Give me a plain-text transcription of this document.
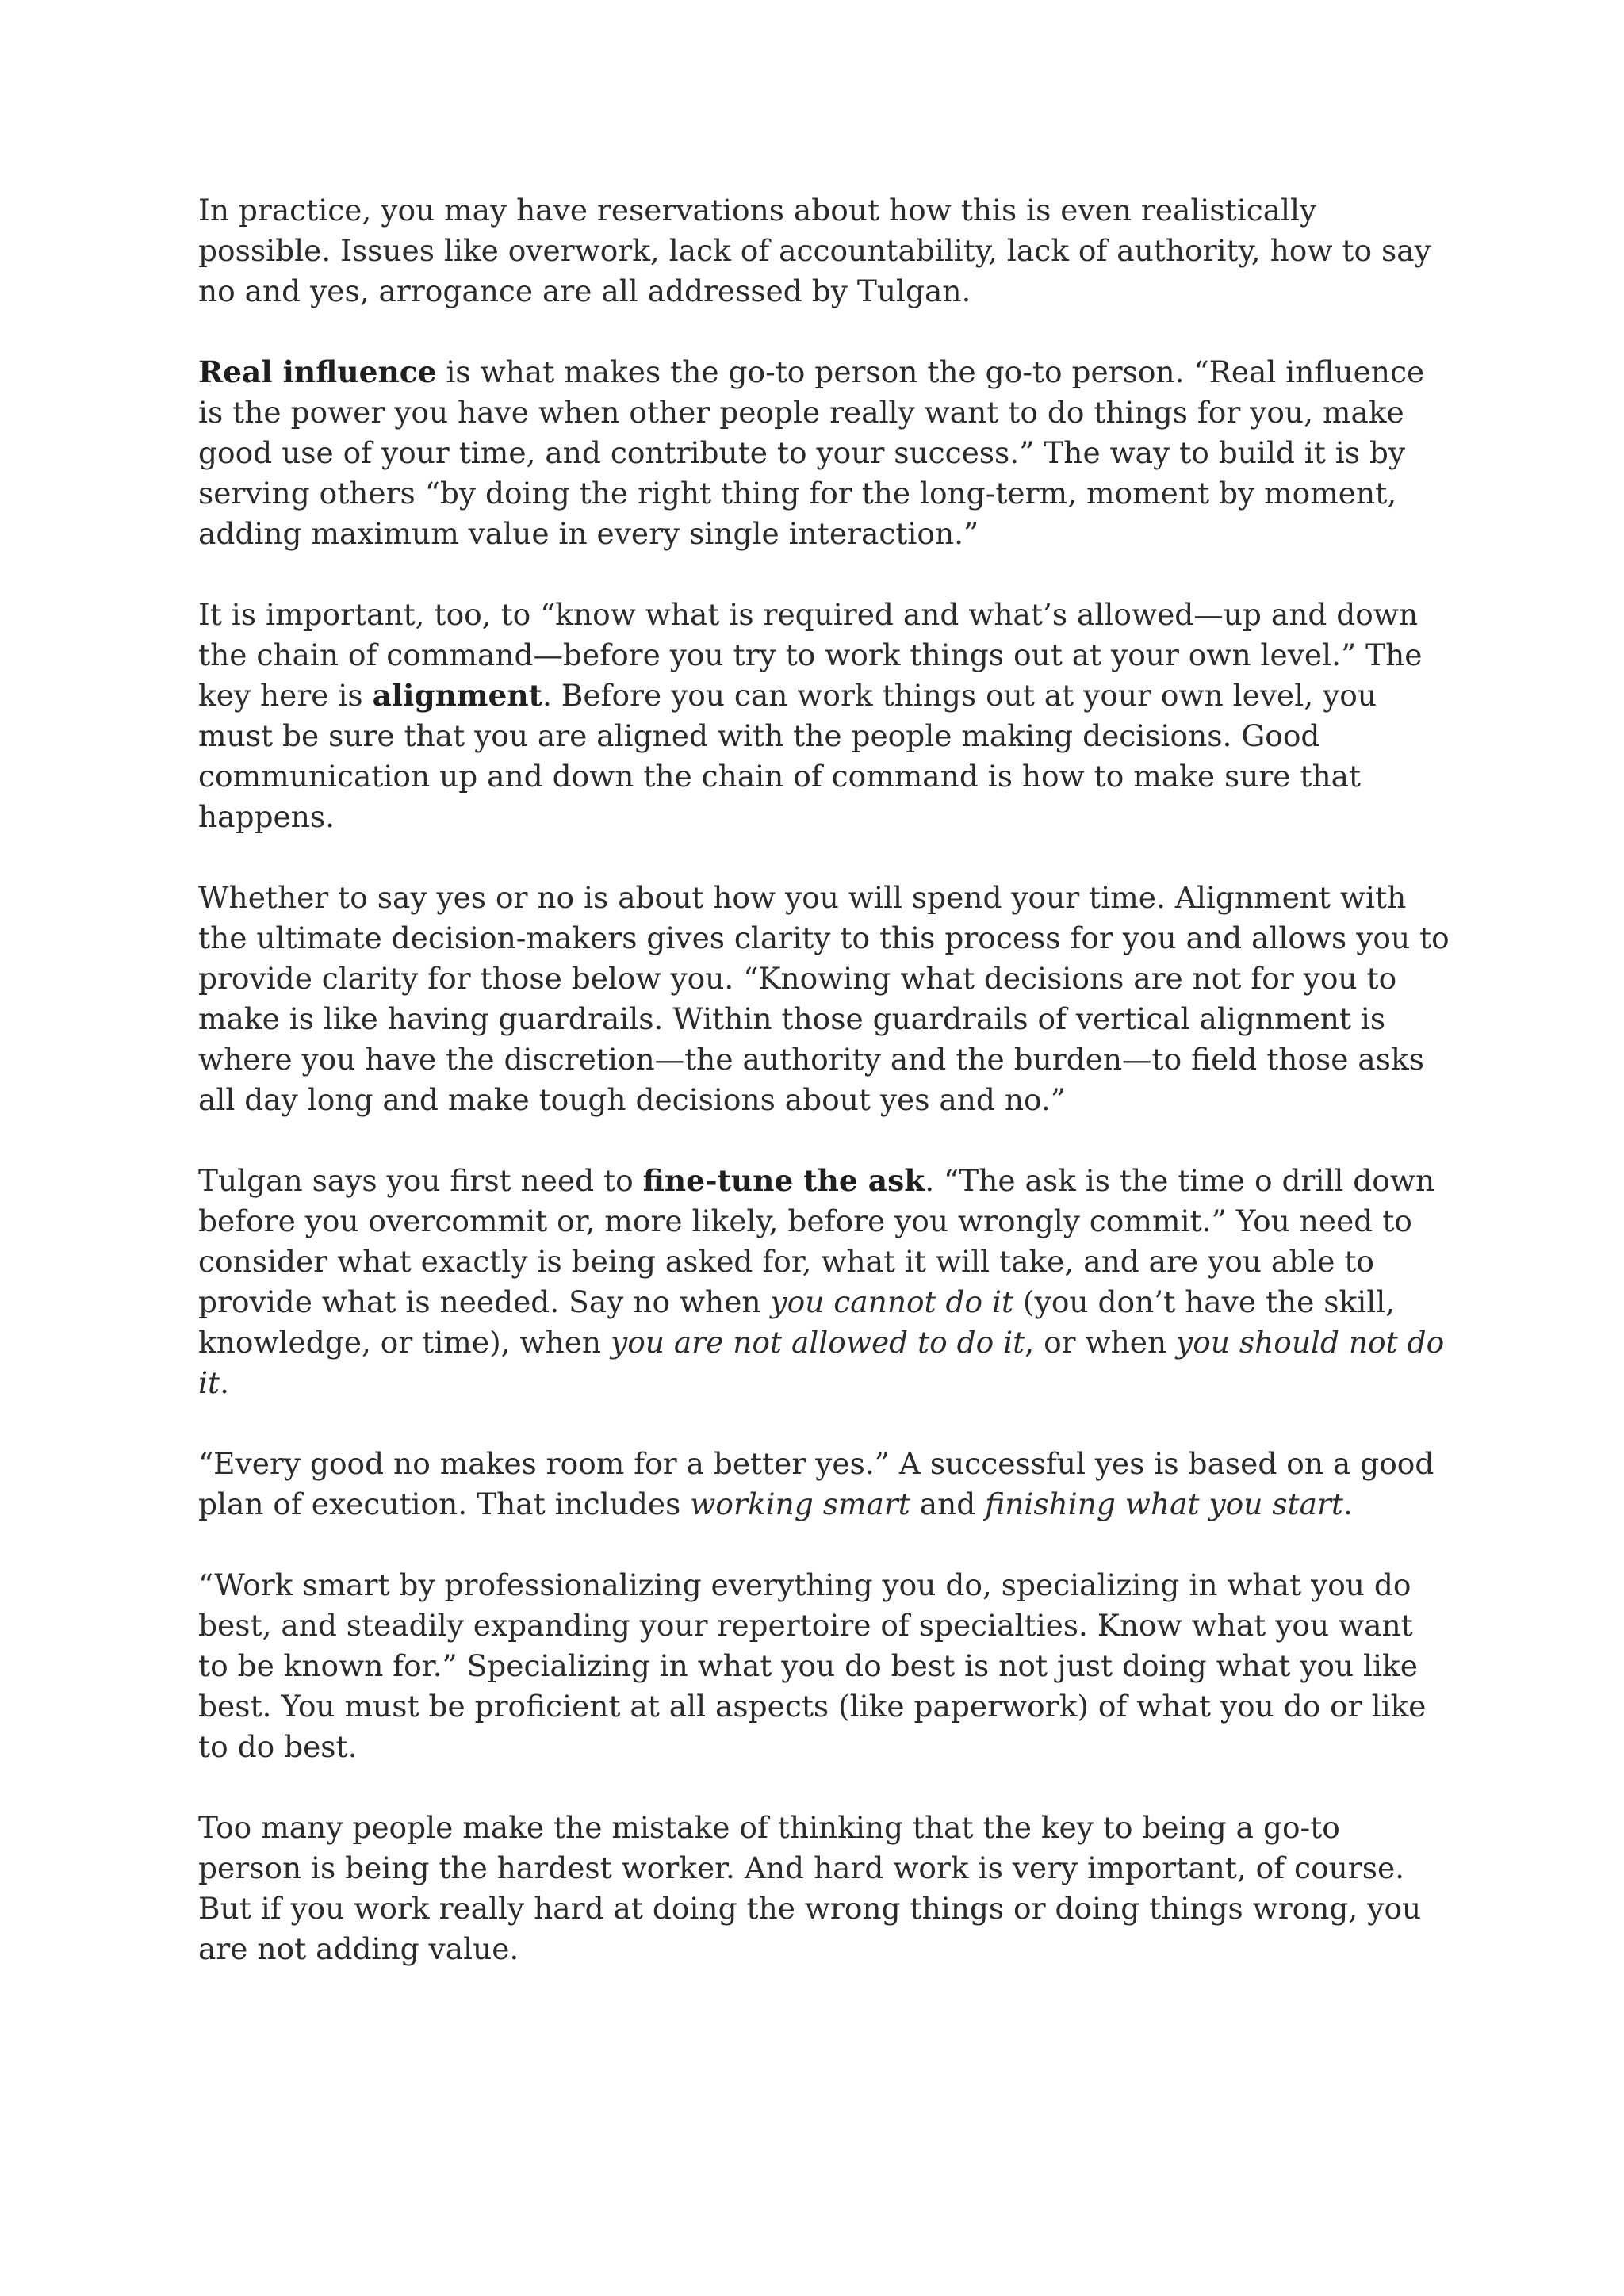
In practice, you may have reservations about how this is even realistically possible. Issues like overwork, lack of accountability, lack of authority, how to say no and yes, arrogance are all addressed by Tulgan.

Real influence is what makes the go-to person the go-to person. “Real influence is the power you have when other people really want to do things for you, make good use of your time, and contribute to your success.” The way to build it is by serving others “by doing the right thing for the long-term, moment by moment, adding maximum value in every single interaction.”

It is important, too, to “know what is required and what’s allowed—up and down the chain of command—before you try to work things out at your own level.” The key here is alignment. Before you can work things out at your own level, you must be sure that you are aligned with the people making decisions. Good communication up and down the chain of command is how to make sure that happens.

Whether to say yes or no is about how you will spend your time. Alignment with the ultimate decision-makers gives clarity to this process for you and allows you to provide clarity for those below you. “Knowing what decisions are not for you to make is like having guardrails. Within those guardrails of vertical alignment is where you have the discretion—the authority and the burden—to field those asks all day long and make tough decisions about yes and no.”

Tulgan says you first need to fine-tune the ask. “The ask is the time o drill down before you overcommit or, more likely, before you wrongly commit.” You need to consider what exactly is being asked for, what it will take, and are you able to provide what is needed. Say no when you cannot do it (you don’t have the skill, knowledge, or time), when you are not allowed to do it, or when you should not do it.

“Every good no makes room for a better yes.” A successful yes is based on a good plan of execution. That includes working smart and finishing what you start.

“Work smart by professionalizing everything you do, specializing in what you do best, and steadily expanding your repertoire of specialties. Know what you want to be known for.” Specializing in what you do best is not just doing what you like best. You must be proficient at all aspects (like paperwork) of what you do or like to do best.

Too many people make the mistake of thinking that the key to being a go-to person is being the hardest worker. And hard work is very important, of course. But if you work really hard at doing the wrong things or doing things wrong, you are not adding value.
